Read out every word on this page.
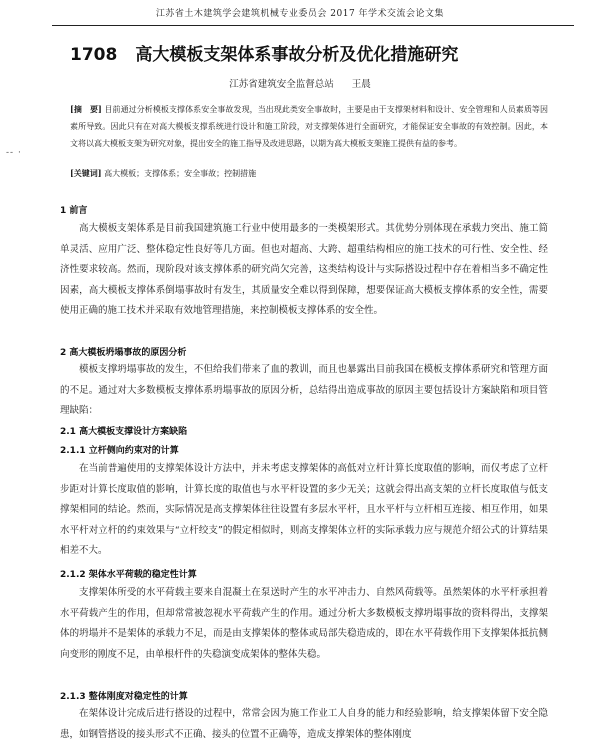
江苏省土木建筑学会建筑机械专业委员会 2017 年学术交流会论文集
1708 高大模板支架体系事故分析及优化措施研究
江苏省建筑安全监督总站 王晨
[摘　要] 目前通过分析模板支撑体系安全事故发现，当出现此类安全事故时，主要是由于支撑架材料和设计、安全管理和人员素质等因素所导致。因此只有在对高大模板支撑系统进行设计和施工阶段，对支撑架体进行全面研究，才能保证安全事故的有效控制。因此，本文将以高大模板支架为研究对象，提出安全的施工指导及改进思路，以期为高大模板支架施工提供有益的参考。
-- ·
[关键词] 高大模板；支撑体系；安全事故；控制措施
1 前言

高大模板支架体系是目前我国建筑施工行业中使用最多的一类模架形式。其优势分别体现在承载力突出、施工简单灵活、应用广泛、整体稳定性良好等几方面。但也对超高、大跨、超重结构相应的施工技术的可行性、安全性、经济性要求较高。然而，现阶段对该支撑体系的研究尚欠完善，这类结构设计与实际搭设过程中存在着相当多不确定性因素，高大模板支撑体系倒塌事故时有发生，其质量安全难以得到保障，想要保证高大模板支撑体系的安全性，需要使用正确的施工技术并采取有效地管理措施，来控制模板支撑体系的安全性。

2 高大模板坍塌事故的原因分析

模板支撑坍塌事故的发生，不但给我们带来了血的教训，而且也暴露出目前我国在模板支撑体系研究和管理方面的不足。通过对大多数模板支撑体系坍塌事故的原因分析，总结得出造成事故的原因主要包括设计方案缺陷和项目管理缺陷：

2.1 高大模板支撑设计方案缺陷
2.1.1 立杆侧向约束对的计算

在当前普遍使用的支撑架体设计方法中，并未考虑支撑架体的高低对立杆计算长度取值的影响，而仅考虑了立杆步距对计算长度取值的影响，计算长度的取值也与水平杆设置的多少无关；这就会得出高支架的立杆长度取值与低支撑架相同的结论。然而，实际情况是高支撑架体往往设置有多层水平杆，且水平杆与立杆相互连接、相互作用，如果水平杆对立杆的约束效果与“立杆绞支”的假定相似时，则高支撑架体立杆的实际承载力应与规范介绍公式的计算结果相差不大。

2.1.2 架体水平荷载的稳定性计算

支撑架体所受的水平荷载主要来自混凝土在泵送时产生的水平冲击力、自然风荷载等。虽然架体的水平杆承担着水平荷载产生的作用，但却常常被忽视水平荷载产生的作用。通过分析大多数模板支撑坍塌事故的资料得出，支撑架体的坍塌并不是架体的承载力不足，而是由支撑架体的整体或局部失稳造成的，即在水平荷载作用下支撑架体抵抗侧向变形的刚度不足，由单根杆件的失稳演变成架体的整体失稳。

2.1.3 整体刚度对稳定性的计算

在架体设计完成后进行搭设的过程中，常常会因为施工作业工人自身的能力和经验影响，给支撑架体留下安全隐患，如钢管搭设的接头形式不正确、接头的位置不正确等，造成支撑架体的整体刚度
